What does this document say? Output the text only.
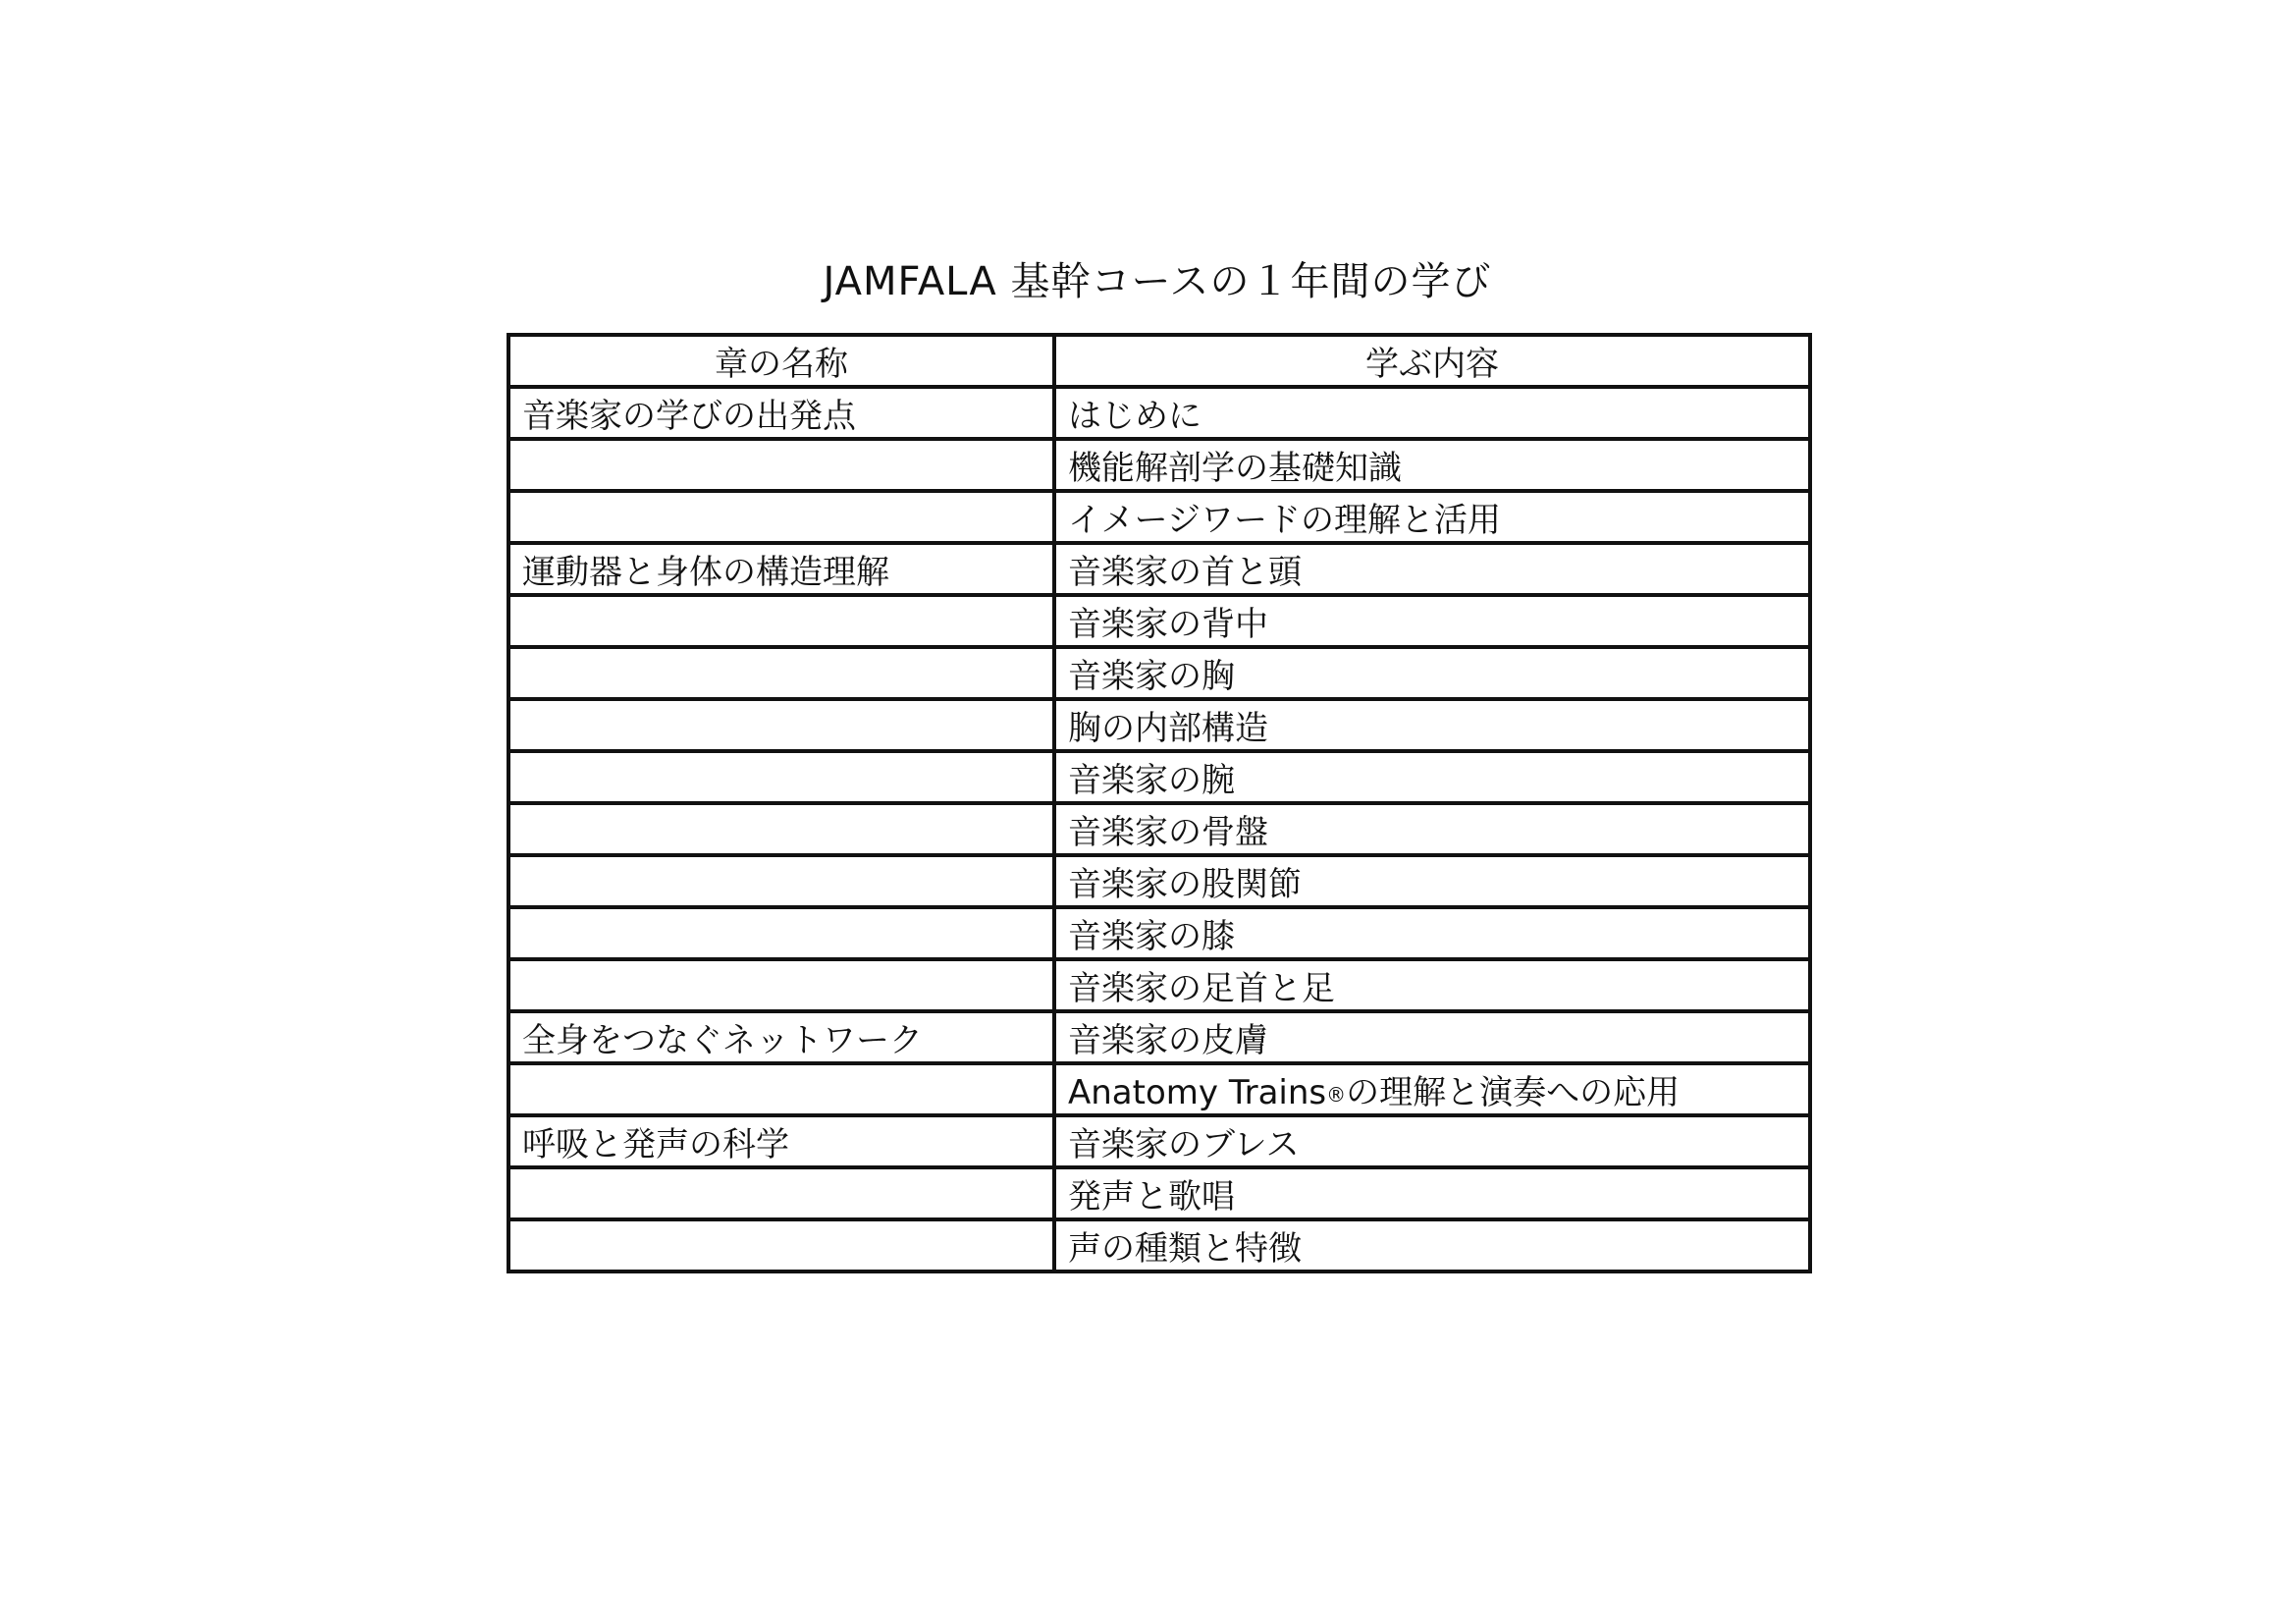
JAMFALA 基幹コースの１年間の学び
章の名称	学ぶ内容
音楽家の学びの出発点	はじめに
	機能解剖学の基礎知識
	イメージワードの理解と活用
運動器と身体の構造理解	音楽家の首と頭
	音楽家の背中
	音楽家の胸
	胸の内部構造
	音楽家の腕
	音楽家の骨盤
	音楽家の股関節
	音楽家の膝
	音楽家の足首と足
全身をつなぐネットワーク	音楽家の皮膚
	Anatomy Trains®の理解と演奏への応用
呼吸と発声の科学	音楽家のブレス
	発声と歌唱
	声の種類と特徴
